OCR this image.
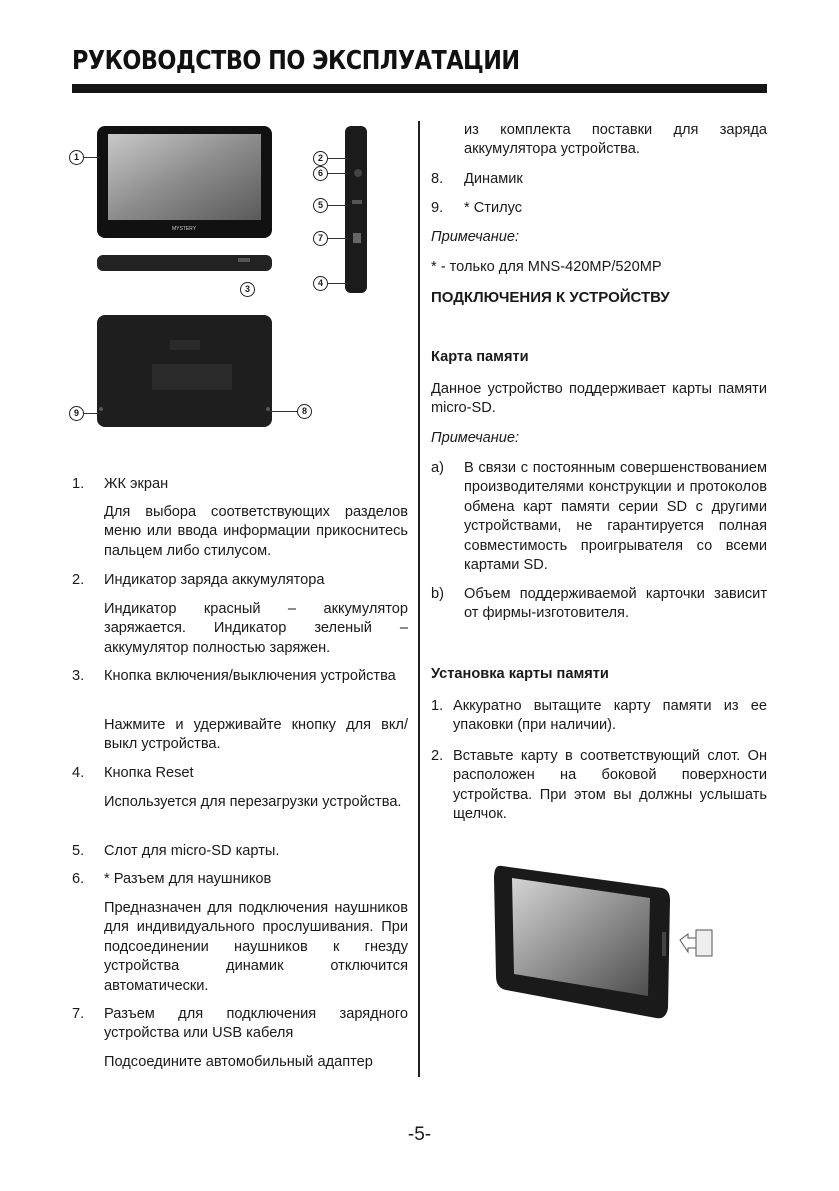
РУКОВОДСТВО ПО ЭКСПЛУАТАЦИИ
MYSTERY
1	2
6
5
7
4
3
9	8
1. ЖК экран
Для выбора соответствующих разделов меню или ввода информации прикоснитесь пальцем либо стилусом.
2. Индикатор заряда аккумулятора
Индикатор красный – аккумулятор заряжается. Индикатор зеленый – аккумулятор полностью заряжен.
3. Кнопка включения/выключения устройства
Нажмите и удерживайте кнопку для вкл/выкл устройства.
4. Кнопка Reset
Используется для перезагрузки устройства.
5. Слот для micro-SD карты.
6. * Разъем для наушников
Предназначен для подключения наушников для индивидуального прослушивания. При подсоединении наушников к гнезду устройства динамик отключится автоматически.
7. Разъем для подключения зарядного устройства или USB кабеля
Подсоедините автомобильный адаптер
из комплекта поставки для заряда аккумулятора устройства.
8. Динамик
9. * Стилус
Примечание:
* - только для MNS-420MP/520MP
ПОДКЛЮЧЕНИЯ К УСТРОЙСТВУ
Карта памяти
Данное устройство поддерживает карты памяти micro-SD.
Примечание:
a) В связи с постоянным совершенствованием производителями конструкции и протоколов обмена карт памяти серии SD с другими устройствами, не гарантируется полная совместимость проигрывателя со всеми картами SD.
b) Объем поддерживаемой карточки зависит от фирмы-изготовителя.
Установка карты памяти
1. Аккуратно вытащите карту памяти из ее упаковки (при наличии).
2. Вставьте карту в соответствующий слот. Он расположен на боковой поверхности устройства. При этом вы должны услышать щелчок.
-5-
